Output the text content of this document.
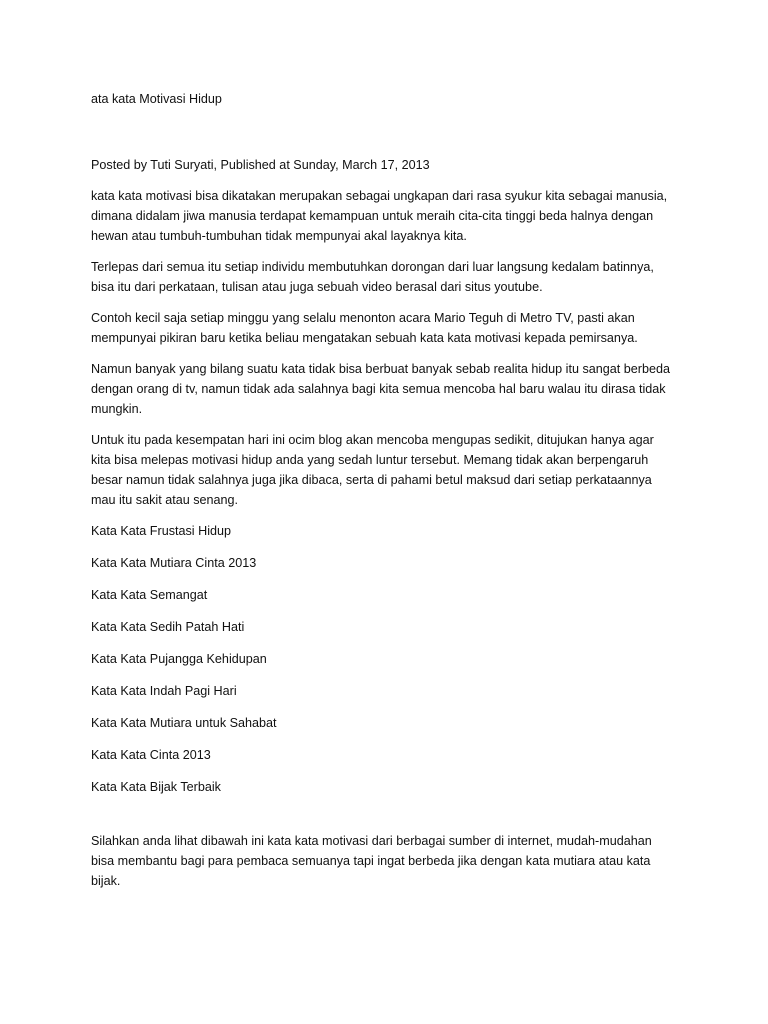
ata kata Motivasi Hidup

Posted by Tuti Suryati, Published at Sunday, March 17, 2013

kata kata motivasi bisa dikatakan merupakan sebagai ungkapan dari rasa syukur kita sebagai manusia, dimana didalam jiwa manusia terdapat kemampuan untuk meraih cita-cita tinggi beda halnya dengan hewan atau tumbuh-tumbuhan tidak mempunyai akal layaknya kita.

Terlepas dari semua itu setiap individu membutuhkan dorongan dari luar langsung kedalam batinnya, bisa itu dari perkataan, tulisan atau juga sebuah video berasal dari situs youtube.

Contoh kecil saja setiap minggu yang selalu menonton acara Mario Teguh di Metro TV, pasti akan mempunyai pikiran baru ketika beliau mengatakan sebuah kata kata motivasi kepada pemirsanya.

Namun banyak yang bilang suatu kata tidak bisa berbuat banyak sebab realita hidup itu sangat berbeda dengan orang di tv, namun tidak ada salahnya bagi kita semua mencoba hal baru walau itu dirasa tidak mungkin.

Untuk itu pada kesempatan hari ini ocim blog akan mencoba mengupas sedikit, ditujukan hanya agar kita bisa melepas motivasi hidup anda yang sedah luntur tersebut. Memang tidak akan berpengaruh besar namun tidak salahnya juga jika dibaca, serta di pahami betul maksud dari setiap perkataannya mau itu sakit atau senang.

Kata Kata Frustasi Hidup
Kata Kata Mutiara Cinta 2013
Kata Kata Semangat
Kata Kata Sedih Patah Hati
Kata Kata Pujangga Kehidupan
Kata Kata Indah Pagi Hari
Kata Kata Mutiara untuk Sahabat
Kata Kata Cinta 2013
Kata Kata Bijak Terbaik

Silahkan anda lihat dibawah ini kata kata motivasi dari berbagai sumber di internet, mudah-mudahan bisa membantu bagi para pembaca semuanya tapi ingat berbeda jika dengan kata mutiara atau kata bijak.
